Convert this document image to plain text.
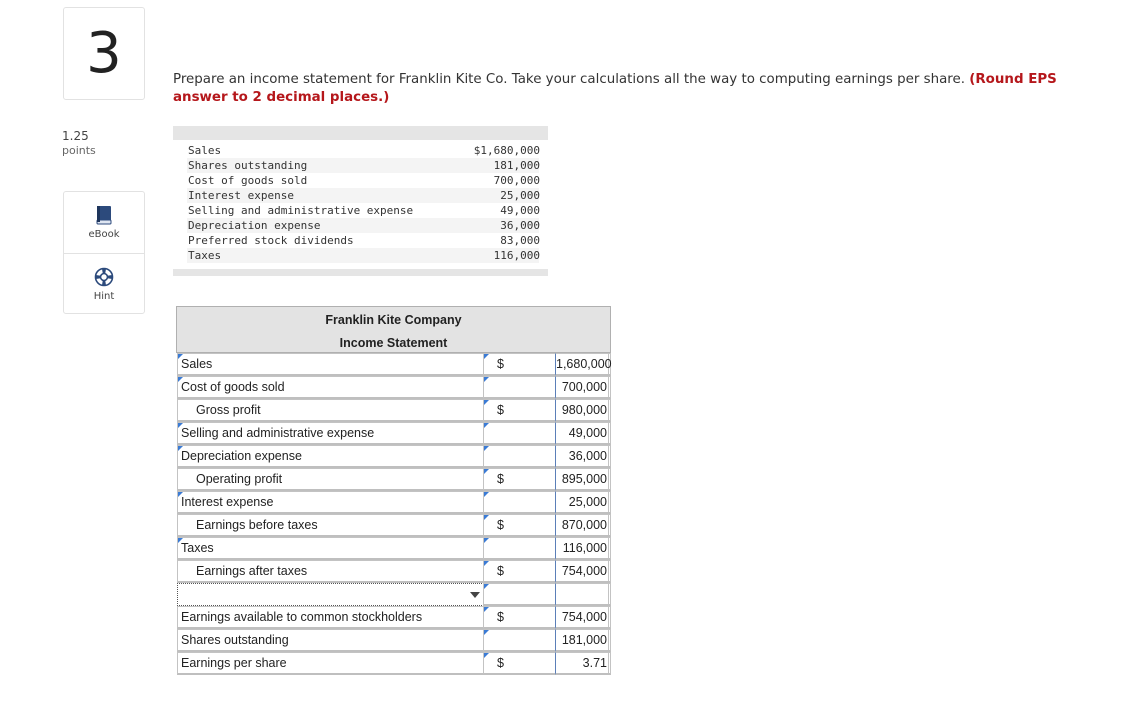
3
1.25
points
eBook
Hint
Prepare an income statement for Franklin Kite Co. Take your calculations all the way to computing earnings per share. (Round EPS answer to 2 decimal places.)
Sales	$1,680,000
Shares outstanding	181,000
Cost of goods sold	700,000
Interest expense	25,000
Selling and administrative expense	49,000
Depreciation expense	36,000
Preferred stock dividends	83,000
Taxes	116,000
Franklin Kite Company
Income Statement
Sales	$	1,680,000
Cost of goods sold	700,000
Gross profit	$	980,000
Selling and administrative expense	49,000
Depreciation expense	36,000
Operating profit	$	895,000
Interest expense	25,000
Earnings before taxes	$	870,000
Taxes	116,000
Earnings after taxes	$	754,000
Earnings available to common stockholders	$	754,000
Shares outstanding	181,000
Earnings per share	$	3.71
